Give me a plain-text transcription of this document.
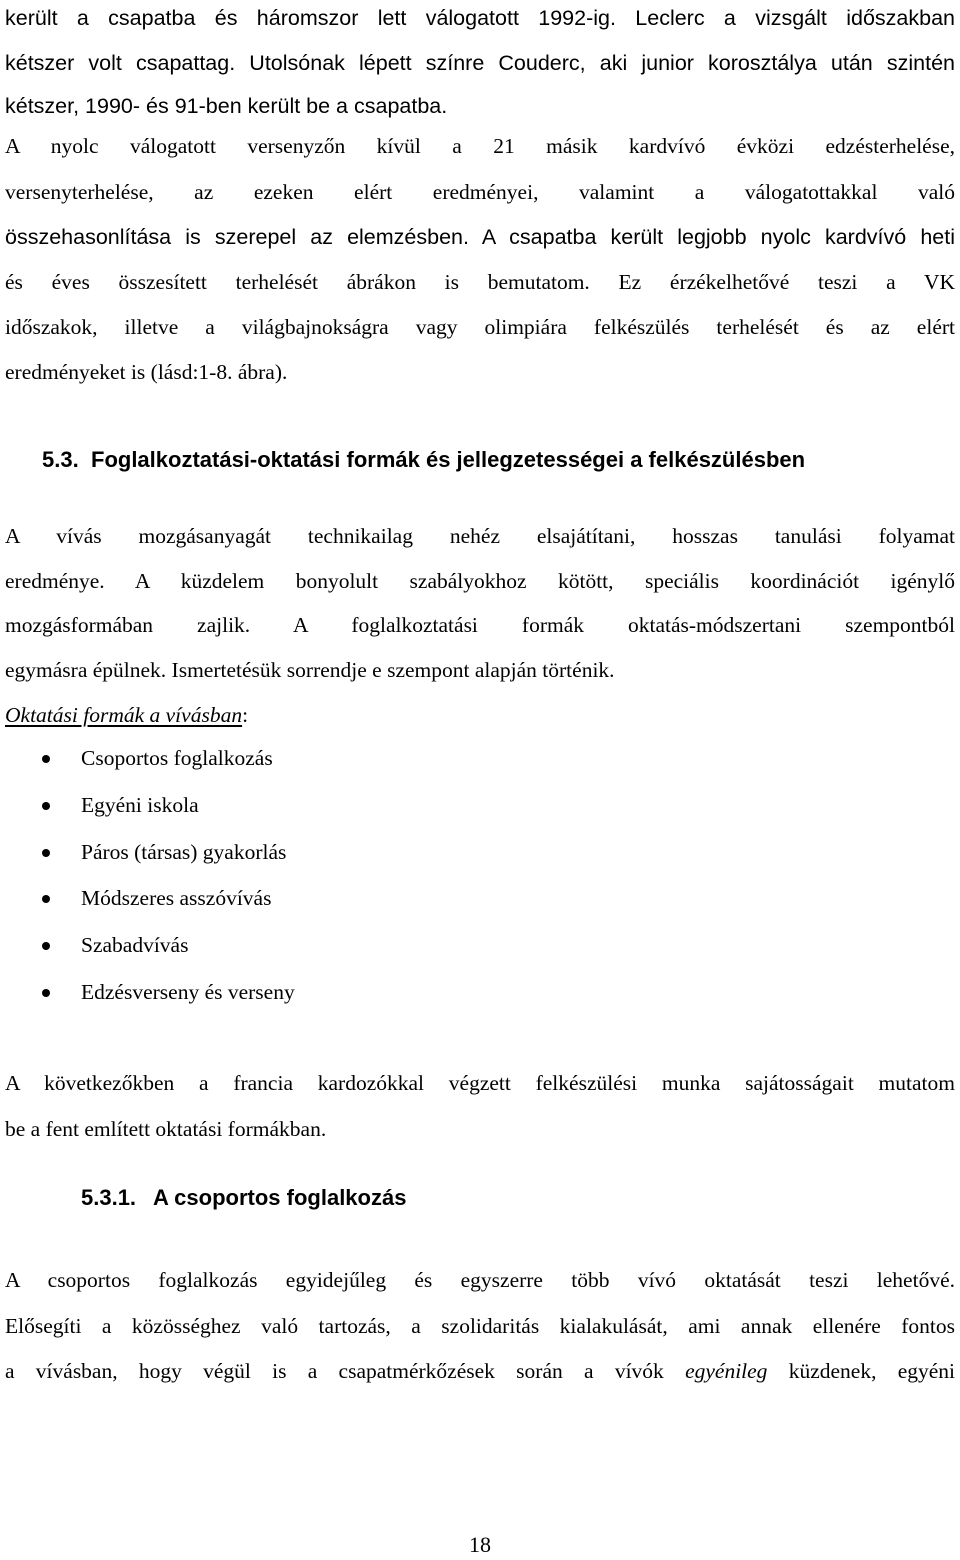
került a csapatba és háromszor lett válogatott 1992-ig. Leclerc a vizsgált időszakban

kétszer volt csapattag. Utolsónak lépett színre Couderc, aki junior korosztálya után szintén

kétszer, 1990- és 91-ben került be a csapatba.

A nyolc válogatott versenyzőn kívül a 21 másik kardvívó évközi edzésterhelése,

versenyterhelése, az ezeken elért eredményei, valamint a válogatottakkal való

összehasonlítása is szerepel az elemzésben. A csapatba került legjobb nyolc kardvívó heti

és éves összesített terhelését ábrákon is bemutatom. Ez érzékelhetővé teszi a VK

időszakok, illetve a világbajnokságra vagy olimpiára felkészülés terhelését és az elért

eredményeket is (lásd:1-8. ábra).

5.3. Foglalkoztatási-oktatási formák és jellegzetességei a felkészülésben

A vívás mozgásanyagát technikailag nehéz elsajátítani, hosszas tanulási folyamat

eredménye. A küzdelem bonyolult szabályokhoz kötött, speciális koordinációt igénylő

mozgásformában zajlik. A foglalkoztatási formák oktatás-módszertani szempontból

egymásra épülnek. Ismertetésük sorrendje e szempont alapján történik.

Oktatási formák a vívásban:

Csoportos foglalkozás
Egyéni iskola
Páros (társas) gyakorlás
Módszeres asszóvívás
Szabadvívás
Edzésverseny és verseny

A következőkben a francia kardozókkal végzett felkészülési munka sajátosságait mutatom

be a fent említett oktatási formákban.

5.3.1. A csoportos foglalkozás

A csoportos foglalkozás egyidejűleg és egyszerre több vívó oktatását teszi lehetővé.

Elősegíti a közösséghez való tartozás, a szolidaritás kialakulását, ami annak ellenére fontos

a vívásban, hogy végül is a csapatmérkőzések során a vívók egyénileg küzdenek, egyéni

18
